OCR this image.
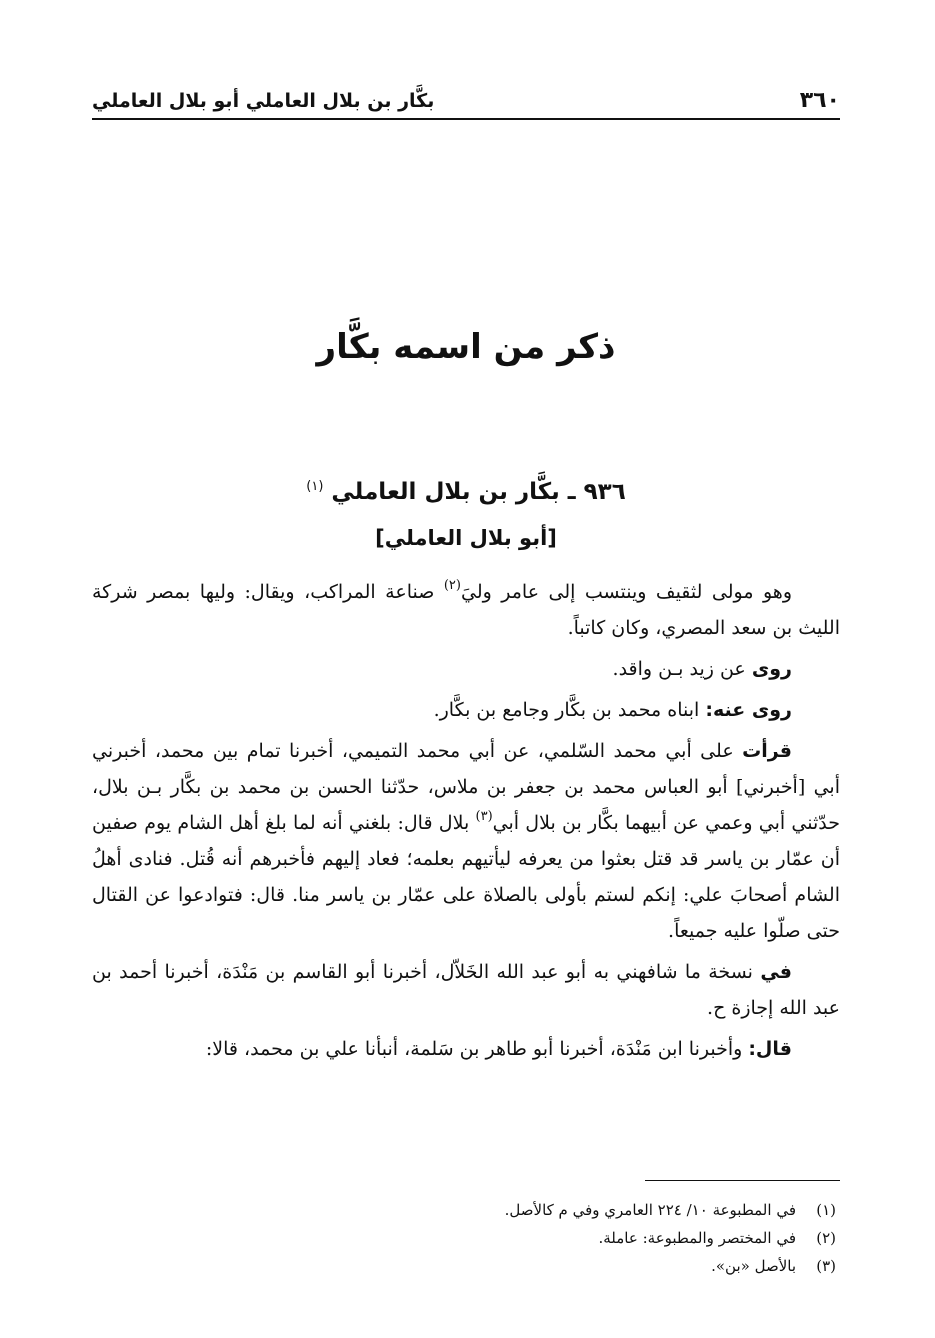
٣٦٠
بكَّار بن بلال العاملي أبو بلال العاملي
ذكر من اسمه بكَّار
٩٣٦ ـ بكَّار بن بلال العاملي $^{(١)}$
[أبو بلال العاملي]

وهو مولى لثقيف وينتسب إلى عامر وليَ$^{(٢)}$ صناعة المراكب، ويقال: وليها بمصر شركة الليث بن سعد المصري، وكان كاتباً.

روى عن زيد بـن واقد.

روى عنه: ابناه محمد بن بكَّار وجامع بن بكَّار.

قرأت على أبي محمد السّلمي، عن أبي محمد التميمي، أخبرنا تمام بين محمد، أخبرني أبي [أخبرني] أبو العباس محمد بن جعفر بن ملاس، حدّثنا الحسن بن محمد بن بكَّار بـن بلال، حدّثني أبي وعمي عن أبيهما بكَّار بن بلال أبي$^{(٣)}$ بلال قال: بلغني أنه لما بلغ أهل الشام يوم صفين أن عمّار بن ياسر قد قتل بعثوا من يعرفه ليأتيهم بعلمه؛ فعاد إليهم فأخبرهم أنه قُتل. فنادى أهلُ الشام أصحابَ علي: إنكم لستم بأولى بالصلاة على عمّار بن ياسر منا. قال: فتوادعوا عن القتال حتى صلّوا عليه جميعاً.

في نسخة ما شافهني به أبو عبد الله الخَلاّل، أخبرنا أبو القاسم بن مَنْدَة، أخبرنا أحمد بن عبد الله إجازة ح.

قال: وأخبرنا ابن مَنْدَة، أخبرنا أبو طاهر بن سَلمة، أنبأنا علي بن محمد، قالا:

(١)
في المطبوعة ١٠/ ٢٢٤ العامري وفي م كالأصل.
(٢)
في المختصر والمطبوعة: عاملة.
(٣)
بالأصل «بن».
